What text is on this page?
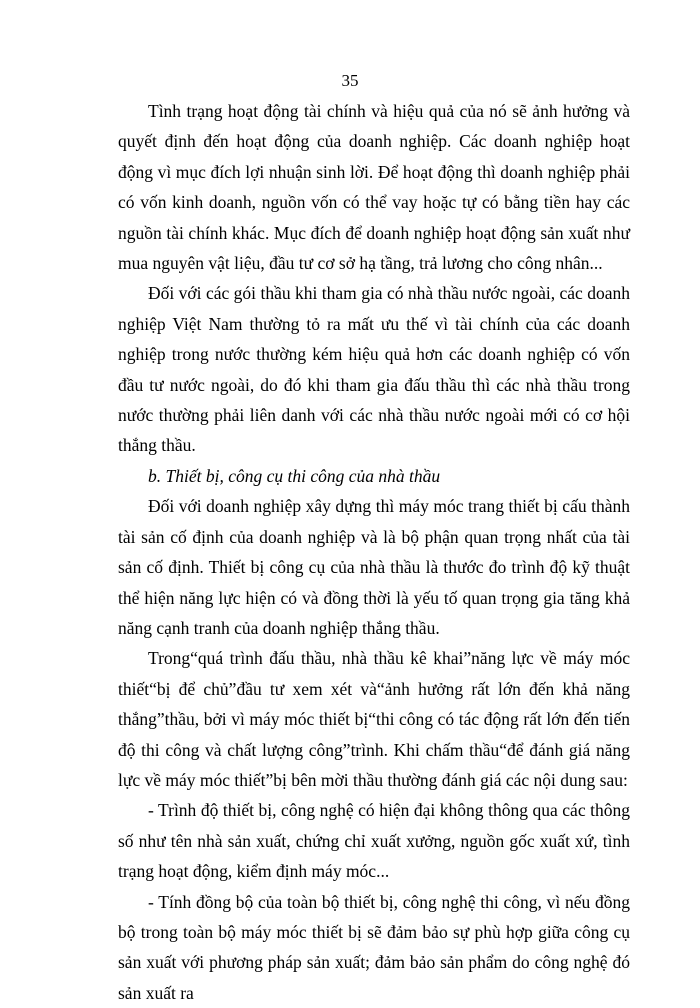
35

Tình trạng hoạt động tài chính và hiệu quả của nó sẽ ảnh hưởng và quyết định đến hoạt động của doanh nghiệp. Các doanh nghiệp hoạt động vì mục đích lợi nhuận sinh lời. Để hoạt động thì doanh nghiệp phải có vốn kinh doanh, nguồn vốn có thể vay hoặc tự có bằng tiền hay các nguồn tài chính khác. Mục đích để doanh nghiệp hoạt động sản xuất như mua nguyên vật liệu, đầu tư cơ sở hạ tầng, trả lương cho công nhân...

Đối với các gói thầu khi tham gia có nhà thầu nước ngoài, các doanh nghiệp Việt Nam thường tỏ ra mất ưu thế vì tài chính của các doanh nghiệp trong nước thường kém hiệu quả hơn các doanh nghiệp có vốn đầu tư nước ngoài, do đó khi tham gia đấu thầu thì các nhà thầu trong nước thường phải liên danh với các nhà thầu nước ngoài mới có cơ hội thắng thầu.

b. Thiết bị, công cụ thi công của nhà thầu

Đối với doanh nghiệp xây dựng thì máy móc trang thiết bị cấu thành tài sản cố định của doanh nghiệp và là bộ phận quan trọng nhất của tài sản cố định. Thiết bị công cụ của nhà thầu là thước đo trình độ kỹ thuật thể hiện năng lực hiện có và đồng thời là yếu tố quan trọng gia tăng khả năng cạnh tranh của doanh nghiệp thắng thầu.

Trong“quá trình đấu thầu, nhà thầu kê khai”năng lực về máy móc thiết“bị để chủ”đầu tư xem xét và“ảnh hưởng rất lớn đến khả năng thắng”thầu, bởi vì máy móc thiết bị“thi công có tác động rất lớn đến tiến độ thi công và chất lượng công”trình. Khi chấm thầu“để đánh giá năng lực về máy móc thiết”bị bên mời thầu thường đánh giá các nội dung sau:

- Trình độ thiết bị, công nghệ có hiện đại không thông qua các thông số như tên nhà sản xuất, chứng chỉ xuất xưởng, nguồn gốc xuất xứ, tình trạng hoạt động, kiểm định máy móc...

- Tính đồng bộ của toàn bộ thiết bị, công nghệ thi công, vì nếu đồng bộ trong toàn bộ máy móc thiết bị sẽ đảm bảo sự phù hợp giữa công cụ sản xuất với phương pháp sản xuất; đảm bảo sản phẩm do công nghệ đó sản xuất ra
